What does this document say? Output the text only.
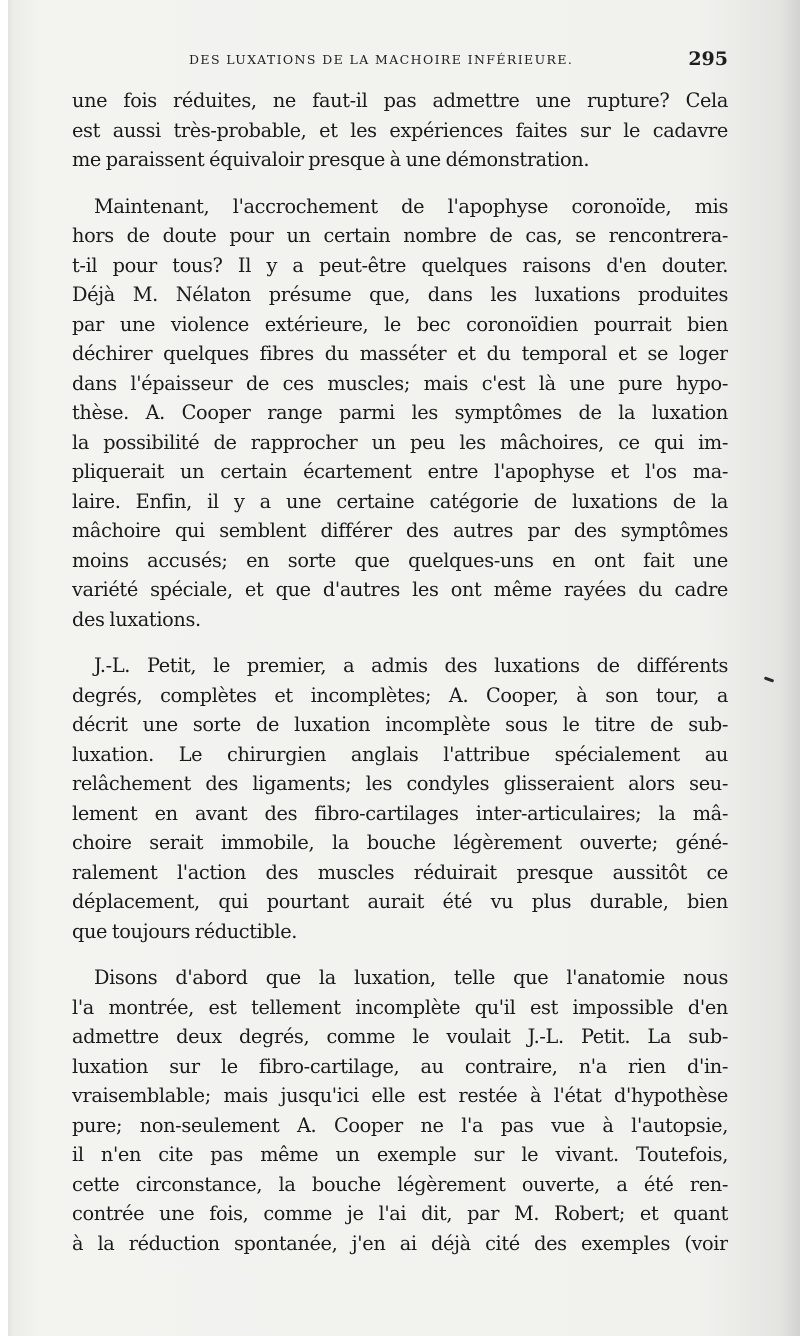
DES LUXATIONS DE LA MACHOIRE INFÉRIEURE.	295
une fois réduites, ne faut-il pas admettre une rupture? Cela
est aussi très-probable, et les expériences faites sur le cadavre
me paraissent équivaloir presque à une démonstration.
Maintenant, l'accrochement de l'apophyse coronoïde, mis
hors de doute pour un certain nombre de cas, se rencontrera-
t-il pour tous? Il y a peut-être quelques raisons d'en douter.
Déjà M. Nélaton présume que, dans les luxations produites
par une violence extérieure, le bec coronoïdien pourrait bien
déchirer quelques fibres du masséter et du temporal et se loger
dans l'épaisseur de ces muscles; mais c'est là une pure hypo-
thèse. A. Cooper range parmi les symptômes de la luxation
la possibilité de rapprocher un peu les mâchoires, ce qui im-
pliquerait un certain écartement entre l'apophyse et l'os ma-
laire. Enfin, il y a une certaine catégorie de luxations de la
mâchoire qui semblent différer des autres par des symptômes
moins accusés; en sorte que quelques-uns en ont fait une
variété spéciale, et que d'autres les ont même rayées du cadre
des luxations.
J.-L. Petit, le premier, a admis des luxations de différents
degrés, complètes et incomplètes; A. Cooper, à son tour, a
décrit une sorte de luxation incomplète sous le titre de sub-
luxation. Le chirurgien anglais l'attribue spécialement au
relâchement des ligaments; les condyles glisseraient alors seu-
lement en avant des fibro-cartilages inter-articulaires; la mâ-
choire serait immobile, la bouche légèrement ouverte; géné-
ralement l'action des muscles réduirait presque aussitôt ce
déplacement, qui pourtant aurait été vu plus durable, bien
que toujours réductible.
Disons d'abord que la luxation, telle que l'anatomie nous
l'a montrée, est tellement incomplète qu'il est impossible d'en
admettre deux degrés, comme le voulait J.-L. Petit. La sub-
luxation sur le fibro-cartilage, au contraire, n'a rien d'in-
vraisemblable; mais jusqu'ici elle est restée à l'état d'hypothèse
pure; non-seulement A. Cooper ne l'a pas vue à l'autopsie,
il n'en cite pas même un exemple sur le vivant. Toutefois,
cette circonstance, la bouche légèrement ouverte, a été ren-
contrée une fois, comme je l'ai dit, par M. Robert; et quant
à la réduction spontanée, j'en ai déjà cité des exemples (voir
